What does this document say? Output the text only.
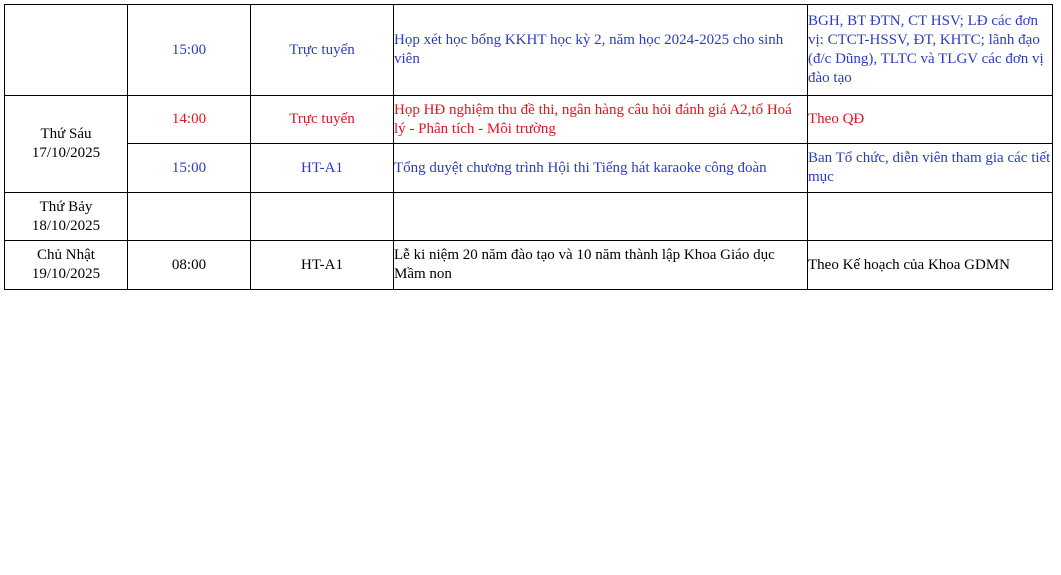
	15:00	Trực tuyến	Họp xét học bổng KKHT học kỳ 2, năm học 2024-2025 cho sinh viên	BGH, BT ĐTN, CT HSV; LĐ các đơn vị: CTCT-HSSV, ĐT, KHTC; lãnh đạo (đ/c Dũng), TLTC và TLGV các đơn vị đào tạo

Thứ Sáu
17/10/2025	14:00	Trực tuyến	Họp HĐ nghiệm thu đề thi, ngân hàng câu hỏi đánh giá A2,tổ Hoá lý - Phân tích - Môi trường	Theo QĐ
	15:00	HT-A1	Tổng duyệt chương trình Hội thi Tiếng hát karaoke công đoàn	Ban Tổ chức, diễn viên tham gia các tiết mục

Thứ Bảy
18/10/2025				

Chủ Nhật
19/10/2025	08:00	HT-A1	Lễ ki niệm 20 năm đào tạo và 10 năm thành lập Khoa Giáo dục Mầm non	Theo Kế hoạch của Khoa GDMN
